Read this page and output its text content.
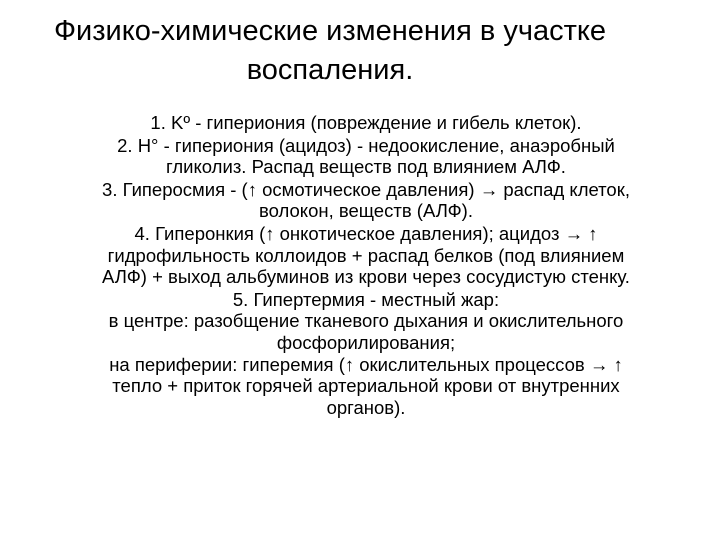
Физико-химические изменения в участке
воспаления.
1. Kº - гипериония (повреждение и гибель клеток).
2. H° - гипериония (ацидоз) - недоокисление, анаэробный
гликолиз. Распад веществ под влиянием АЛФ.
3. Гиперосмия - (↑ осмотическое давления) → распад клеток,
волокон, веществ (АЛФ).
4. Гиперонкия (↑ онкотическое давления); ацидоз → ↑
гидрофильность коллоидов + распад белков (под влиянием
АЛФ) + выход альбуминов из крови через сосудистую стенку.
5. Гипертермия - местный жар:
в центре: разобщение тканевого дыхания и окислительного
фосфорилирования;
на периферии: гиперемия (↑ окислительных процессов → ↑
тепло + приток горячей артериальной крови от внутренних
органов).
